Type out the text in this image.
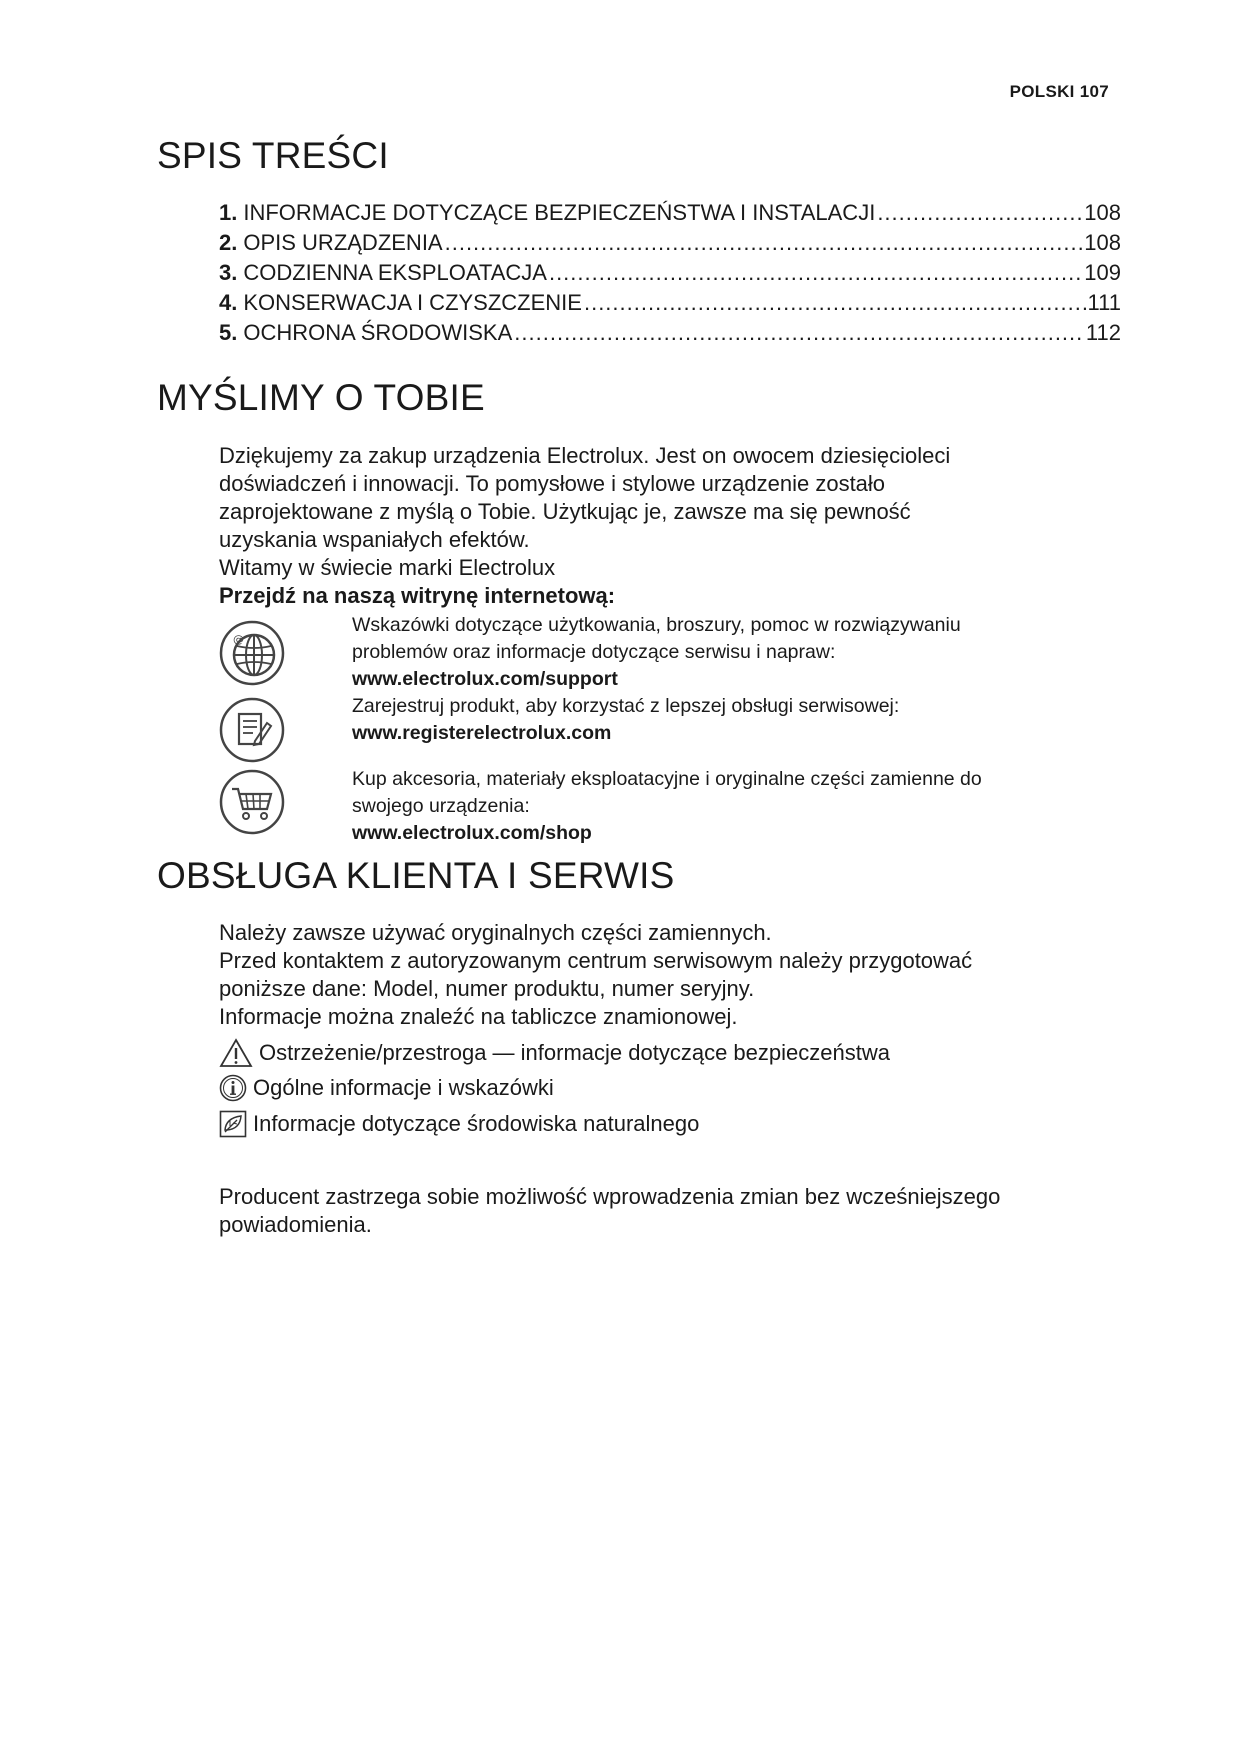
POLSKI 107
SPIS TREŚCI
1. INFORMACJE DOTYCZĄCE BEZPIECZEŃSTWA I INSTALACJI .....	108
2. OPIS URZĄDZENIA .....	108
3. CODZIENNA EKSPLOATACJA .....	109
4. KONSERWACJA I CZYSZCZENIE .....	111
5. OCHRONA ŚRODOWISKA .....	112
MYŚLIMY O TOBIE

Dziękujemy za zakup urządzenia Electrolux. Jest on owocem dziesięcioleci

doświadczeń i innowacji. To pomysłowe i stylowe urządzenie zostało

zaprojektowane z myślą o Tobie. Użytkując je, zawsze ma się pewność

uzyskania wspaniałych efektów.

Witamy w świecie marki Electrolux

Przejdź na naszą witrynę internetową:

@

Wskazówki dotyczące użytkowania, broszury, pomoc w rozwiązywaniu

problemów oraz informacje dotyczące serwisu i napraw:

www.electrolux.com/support

Zarejestruj produkt, aby korzystać z lepszej obsługi serwisowej:

www.registerelectrolux.com

Kup akcesoria, materiały eksploatacyjne i oryginalne części zamienne do

swojego urządzenia:

www.electrolux.com/shop

OBSŁUGA KLIENTA I SERWIS

Należy zawsze używać oryginalnych części zamiennych.

Przed kontaktem z autoryzowanym centrum serwisowym należy przygotować

poniższe dane: Model, numer produktu, numer seryjny.

Informacje można znaleźć na tabliczce znamionowej.

Ostrzeżenie/przestroga — informacje dotyczące bezpieczeństwa
Ogólne informacje i wskazówki
Informacje dotyczące środowiska naturalnego

Producent zastrzega sobie możliwość wprowadzenia zmian bez wcześniejszego

powiadomienia.
